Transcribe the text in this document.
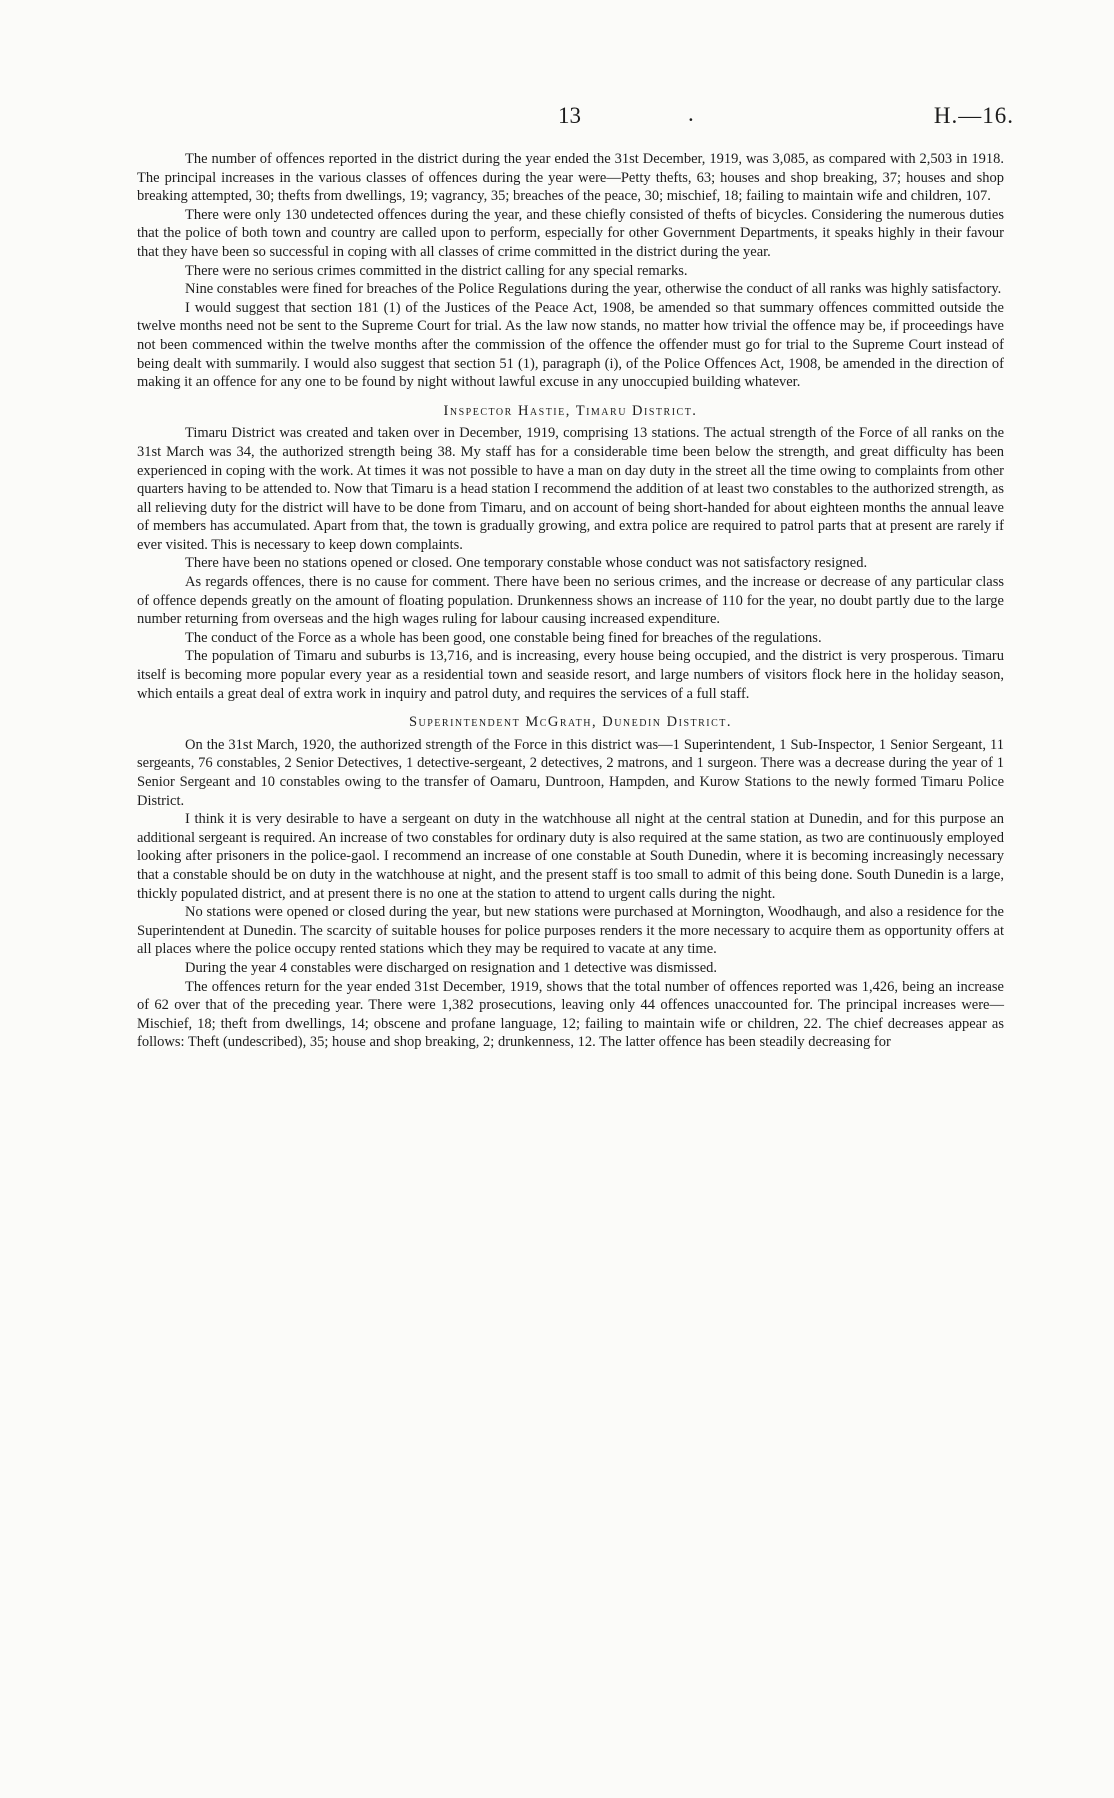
13	.	H.—16.

The number of offences reported in the district during the year ended the 31st December, 1919, was 3,085, as compared with 2,503 in 1918. The principal increases in the various classes of offences during the year were—Petty thefts, 63; houses and shop breaking, 37; houses and shop breaking attempted, 30; thefts from dwellings, 19; vagrancy, 35; breaches of the peace, 30; mischief, 18; failing to maintain wife and children, 107.

There were only 130 undetected offences during the year, and these chiefly consisted of thefts of bicycles. Considering the numerous duties that the police of both town and country are called upon to perform, especially for other Government Departments, it speaks highly in their favour that they have been so successful in coping with all classes of crime committed in the district during the year.

There were no serious crimes committed in the district calling for any special remarks.

Nine constables were fined for breaches of the Police Regulations during the year, otherwise the conduct of all ranks was highly satisfactory.

I would suggest that section 181 (1) of the Justices of the Peace Act, 1908, be amended so that summary offences committed outside the twelve months need not be sent to the Supreme Court for trial. As the law now stands, no matter how trivial the offence may be, if proceedings have not been commenced within the twelve months after the commission of the offence the offender must go for trial to the Supreme Court instead of being dealt with summarily. I would also suggest that section 51 (1), paragraph (i), of the Police Offences Act, 1908, be amended in the direction of making it an offence for any one to be found by night without lawful excuse in any unoccupied building whatever.

Inspector Hastie, Timaru District.

Timaru District was created and taken over in December, 1919, comprising 13 stations. The actual strength of the Force of all ranks on the 31st March was 34, the authorized strength being 38. My staff has for a considerable time been below the strength, and great difficulty has been experienced in coping with the work. At times it was not possible to have a man on day duty in the street all the time owing to complaints from other quarters having to be attended to. Now that Timaru is a head station I recommend the addition of at least two constables to the authorized strength, as all relieving duty for the district will have to be done from Timaru, and on account of being short-handed for about eighteen months the annual leave of members has accumulated. Apart from that, the town is gradually growing, and extra police are required to patrol parts that at present are rarely if ever visited. This is necessary to keep down complaints.

There have been no stations opened or closed. One temporary constable whose conduct was not satisfactory resigned.

As regards offences, there is no cause for comment. There have been no serious crimes, and the increase or decrease of any particular class of offence depends greatly on the amount of floating population. Drunkenness shows an increase of 110 for the year, no doubt partly due to the large number returning from overseas and the high wages ruling for labour causing increased expenditure.

The conduct of the Force as a whole has been good, one constable being fined for breaches of the regulations.

The population of Timaru and suburbs is 13,716, and is increasing, every house being occupied, and the district is very prosperous. Timaru itself is becoming more popular every year as a residential town and seaside resort, and large numbers of visitors flock here in the holiday season, which entails a great deal of extra work in inquiry and patrol duty, and requires the services of a full staff.

Superintendent McGrath, Dunedin District.

On the 31st March, 1920, the authorized strength of the Force in this district was—1 Superintendent, 1 Sub-Inspector, 1 Senior Sergeant, 11 sergeants, 76 constables, 2 Senior Detectives, 1 detective-sergeant, 2 detectives, 2 matrons, and 1 surgeon. There was a decrease during the year of 1 Senior Sergeant and 10 constables owing to the transfer of Oamaru, Duntroon, Hampden, and Kurow Stations to the newly formed Timaru Police District.

I think it is very desirable to have a sergeant on duty in the watchhouse all night at the central station at Dunedin, and for this purpose an additional sergeant is required. An increase of two constables for ordinary duty is also required at the same station, as two are continuously employed looking after prisoners in the police-gaol. I recommend an increase of one constable at South Dunedin, where it is becoming increasingly necessary that a constable should be on duty in the watchhouse at night, and the present staff is too small to admit of this being done. South Dunedin is a large, thickly populated district, and at present there is no one at the station to attend to urgent calls during the night.

No stations were opened or closed during the year, but new stations were purchased at Mornington, Woodhaugh, and also a residence for the Superintendent at Dunedin. The scarcity of suitable houses for police purposes renders it the more necessary to acquire them as opportunity offers at all places where the police occupy rented stations which they may be required to vacate at any time.

During the year 4 constables were discharged on resignation and 1 detective was dismissed.

The offences return for the year ended 31st December, 1919, shows that the total number of offences reported was 1,426, being an increase of 62 over that of the preceding year. There were 1,382 prosecutions, leaving only 44 offences unaccounted for. The principal increases were—Mischief, 18; theft from dwellings, 14; obscene and profane language, 12; failing to maintain wife or children, 22. The chief decreases appear as follows: Theft (undescribed), 35; house and shop breaking, 2; drunkenness, 12. The latter offence has been steadily decreasing for
